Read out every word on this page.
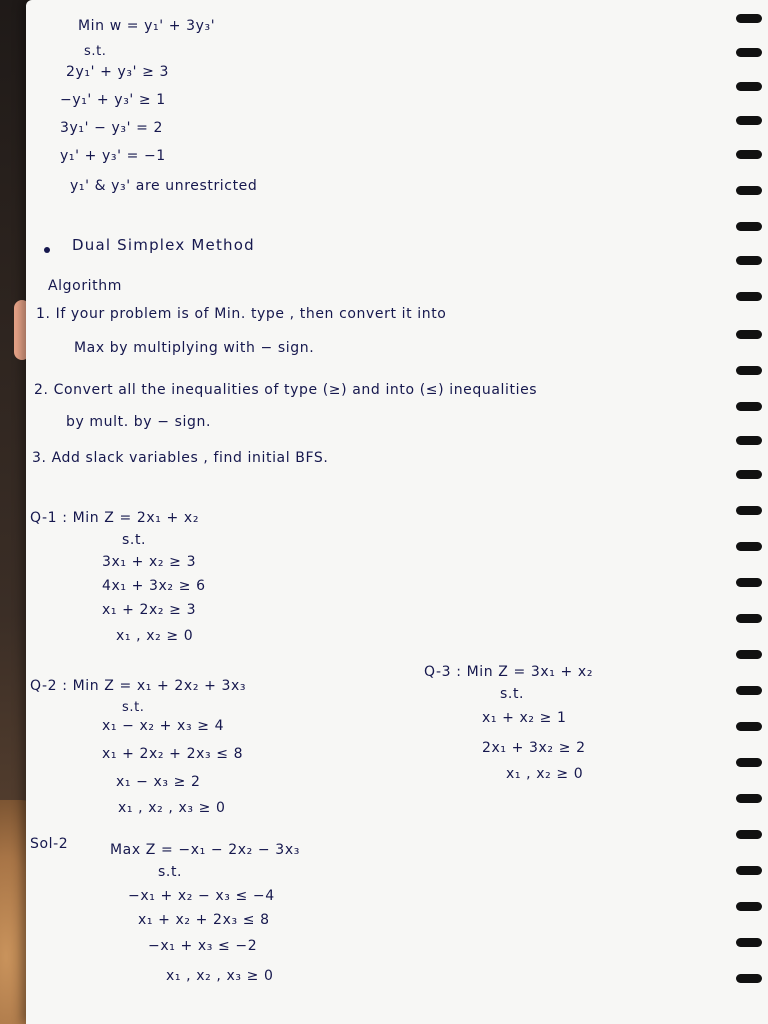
Min w = y₁' + 3y₃'
s.t.
2y₁' + y₃' ≥ 3
−y₁' + y₃' ≥ 1
3y₁' − y₃' = 2
y₁' + y₃' = −1
y₁' & y₃' are unrestricted
Dual Simplex Method
Algorithm
1. If your problem is of Min. type , then convert it into
Max by multiplying with − sign.
2. Convert all the inequalities of type (≥) and into (≤) inequalities
by mult. by − sign.
3. Add slack variables , find initial BFS.
Q-1 : Min Z = 2x₁ + x₂
s.t.
3x₁ + x₂ ≥ 3
4x₁ + 3x₂ ≥ 6
x₁ + 2x₂ ≥ 3
x₁ , x₂ ≥ 0
Q-2 : Min Z = x₁ + 2x₂ + 3x₃
s.t.
x₁ − x₂ + x₃ ≥ 4
x₁ + 2x₂ + 2x₃ ≤ 8
x₁ − x₃ ≥ 2
x₁ , x₂ , x₃ ≥ 0
Q-3 : Min Z = 3x₁ + x₂
s.t.
x₁ + x₂ ≥ 1
2x₁ + 3x₂ ≥ 2
x₁ , x₂ ≥ 0
Sol-2	Max Z = −x₁ − 2x₂ − 3x₃
s.t.
−x₁ + x₂ − x₃ ≤ −4
x₁ + x₂ + 2x₃ ≤ 8
−x₁ + x₃ ≤ −2
x₁ , x₂ , x₃ ≥ 0
